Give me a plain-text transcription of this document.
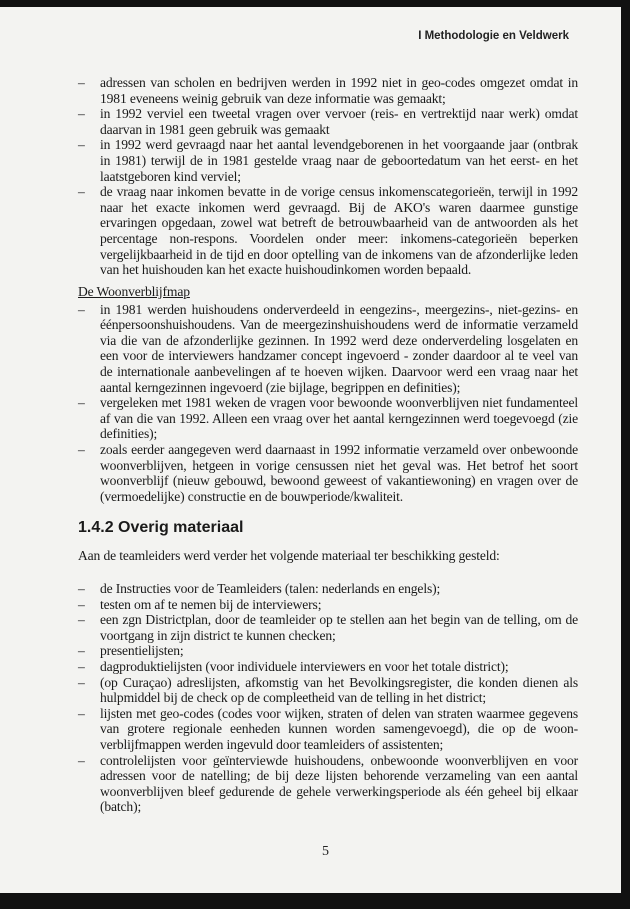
I Methodologie en Veldwerk
– adressen van scholen en bedrijven werden in 1992 niet in geo-codes omgezet omdat in 1981 eveneens weinig gebruik van deze informatie was gemaakt;
– in 1992 verviel een tweetal vragen over vervoer (reis- en vertrektijd naar werk) omdat daarvan in 1981 geen gebruik was gemaakt
– in 1992 werd gevraagd naar het aantal levendgeborenen in het voorgaande jaar (ontbrak in 1981) terwijl de in 1981 gestelde vraag naar de geboortedatum van het eerst- en het laatstgeboren kind verviel;
– de vraag naar inkomen bevatte in de vorige census inkomenscategorieën, terwijl in 1992 naar het exacte inkomen werd gevraagd. Bij de AKO's waren daarmee gunstige ervaringen opgedaan, zowel wat betreft de betrouwbaarheid van de antwoorden als het percentage non-respons. Voordelen onder meer: inkomens-categorieën beperken vergelijkbaarheid in de tijd en door optelling van de inkomens van de afzonderlijke leden van het huishouden kan het exacte huishoudinkomen worden bepaald.
De Woonverblijfmap
– in 1981 werden huishoudens onderverdeeld in eengezins-, meergezins-, niet-gezins- en éénpersoonshuishoudens. Van de meergezinshuishoudens werd de informatie verzameld via die van de afzonderlijke gezinnen. In 1992 werd deze onderverdeling losgelaten en een voor de interviewers handzamer concept ingevoerd - zonder daardoor al te veel van de internationale aanbevelingen af te hoeven wijken. Daarvoor werd een vraag naar het aantal kerngezinnen ingevoerd (zie bijlage, begrippen en definities);
– vergeleken met 1981 weken de vragen voor bewoonde woonverblijven niet fundamenteel af van die van 1992. Alleen een vraag over het aantal kerngezinnen werd toegevoegd (zie definities);
– zoals eerder aangegeven werd daarnaast in 1992 informatie verzameld over onbewoonde woonverblijven, hetgeen in vorige censussen niet het geval was. Het betrof het soort woonverblijf (nieuw gebouwd, bewoond geweest of vakantiewoning) en vragen over de (vermoedelijke) constructie en de bouwperiode/kwaliteit.
1.4.2 Overig materiaal
Aan de teamleiders werd verder het volgende materiaal ter beschikking gesteld:
– de Instructies voor de Teamleiders (talen: nederlands en engels);
– testen om af te nemen bij de interviewers;
– een zgn Districtplan, door de teamleider op te stellen aan het begin van de telling, om de voortgang in zijn district te kunnen checken;
– presentielijsten;
– dagproduktielijsten (voor individuele interviewers en voor het totale district);
– (op Curaçao) adreslijsten, afkomstig van het Bevolkingsregister, die konden dienen als hulpmiddel bij de check op de compleetheid van de telling in het district;
– lijsten met geo-codes (codes voor wijken, straten of delen van straten waarmee gegevens van grotere regionale eenheden kunnen worden samengevoegd), die op de woon-verblijfmappen werden ingevuld door teamleiders of assistenten;
– controlelijsten voor geïnterviewde huishoudens, onbewoonde woonverblijven en voor adressen voor de natelling; de bij deze lijsten behorende verzameling van een aantal woonverblijven bleef gedurende de gehele verwerkingsperiode als één geheel bij elkaar (batch);
5
